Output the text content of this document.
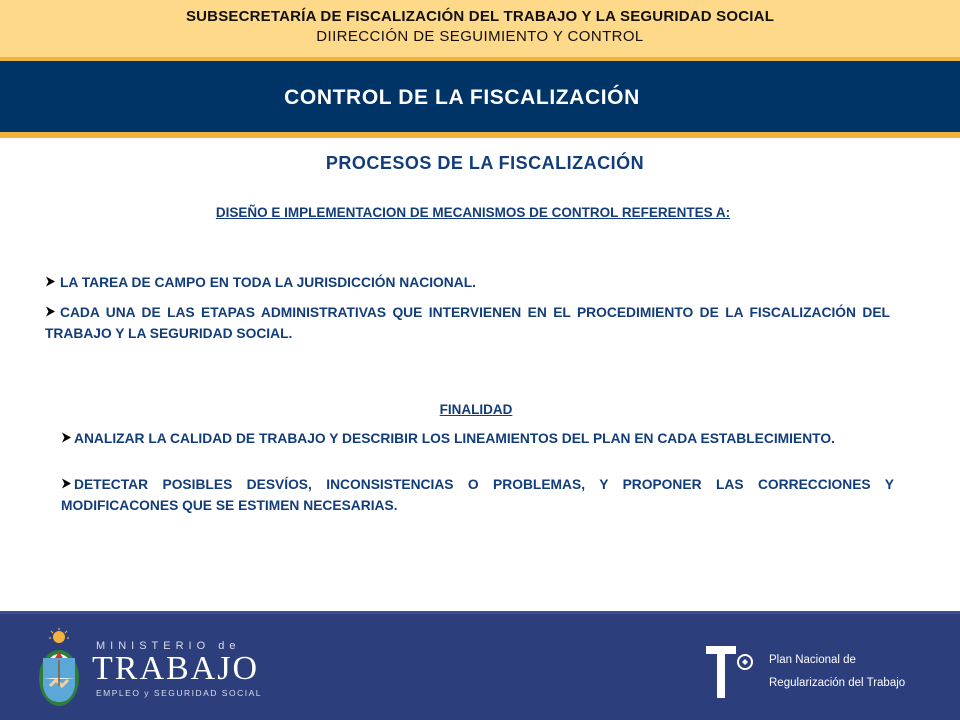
SUBSECRETARÍA DE FISCALIZACIÓN DEL TRABAJO Y LA SEGURIDAD SOCIAL
DIIRECCIÓN DE SEGUIMIENTO Y CONTROL
CONTROL DE LA FISCALIZACIÓN
PROCESOS DE LA FISCALIZACIÓN
DISEÑO E IMPLEMENTACION DE MECANISMOS DE CONTROL REFERENTES A:
LA TAREA DE CAMPO EN TODA LA JURISDICCIÓN NACIONAL.
CADA UNA DE LAS ETAPAS ADMINISTRATIVAS QUE INTERVIENEN EN EL PROCEDIMIENTO DE LA FISCALIZACIÓN DEL TRABAJO Y LA SEGURIDAD SOCIAL.
FINALIDAD
ANALIZAR LA CALIDAD DE TRABAJO Y DESCRIBIR LOS LINEAMIENTOS DEL PLAN EN CADA ESTABLECIMIENTO.
DETECTAR POSIBLES DESVÍOS, INCONSISTENCIAS O PROBLEMAS, Y PROPONER LAS CORRECCIONES Y MODIFICACONES QUE SE ESTIMEN NECESARIAS.
MINISTERIO de
TRABAJO
EMPLEO y SEGURIDAD SOCIAL
Plan Nacional de
Regularización del Trabajo
